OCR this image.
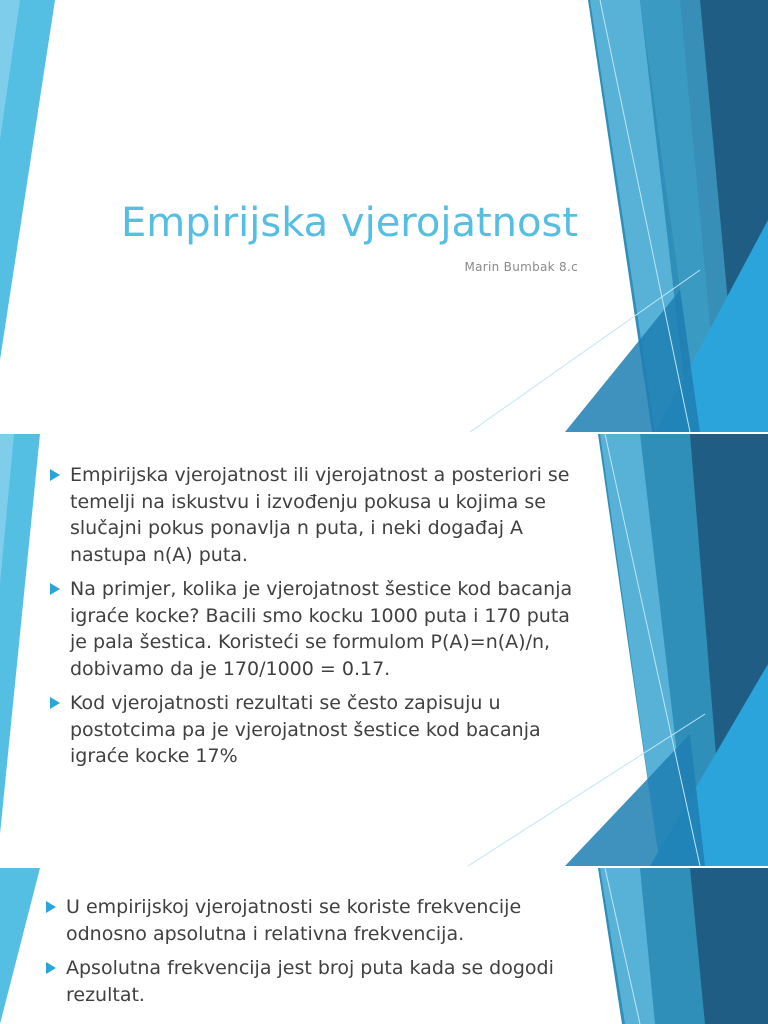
Empirijska vjerojatnost
Marin Bumbak 8.c
Empirijska vjerojatnost ili vjerojatnost a posteriori se temelji na iskustvu i izvođenju pokusa u kojima se slučajni pokus ponavlja n puta, i neki događaj A nastupa n(A) puta.
Na primjer, kolika je vjerojatnost šestice kod bacanja igraće kocke? Bacili smo kocku 1000 puta i 170 puta je pala šestica. Koristeći se formulom P(A)=n(A)/n, dobivamo da je 170/1000 = 0.17.
Kod vjerojatnosti rezultati se često zapisuju u postotcima pa je vjerojatnost šestice kod bacanja igraće kocke 17%
U empirijskoj vjerojatnosti se koriste frekvencije odnosno apsolutna i relativna frekvencija.
Apsolutna frekvencija jest broj puta kada se dogodi rezultat.
